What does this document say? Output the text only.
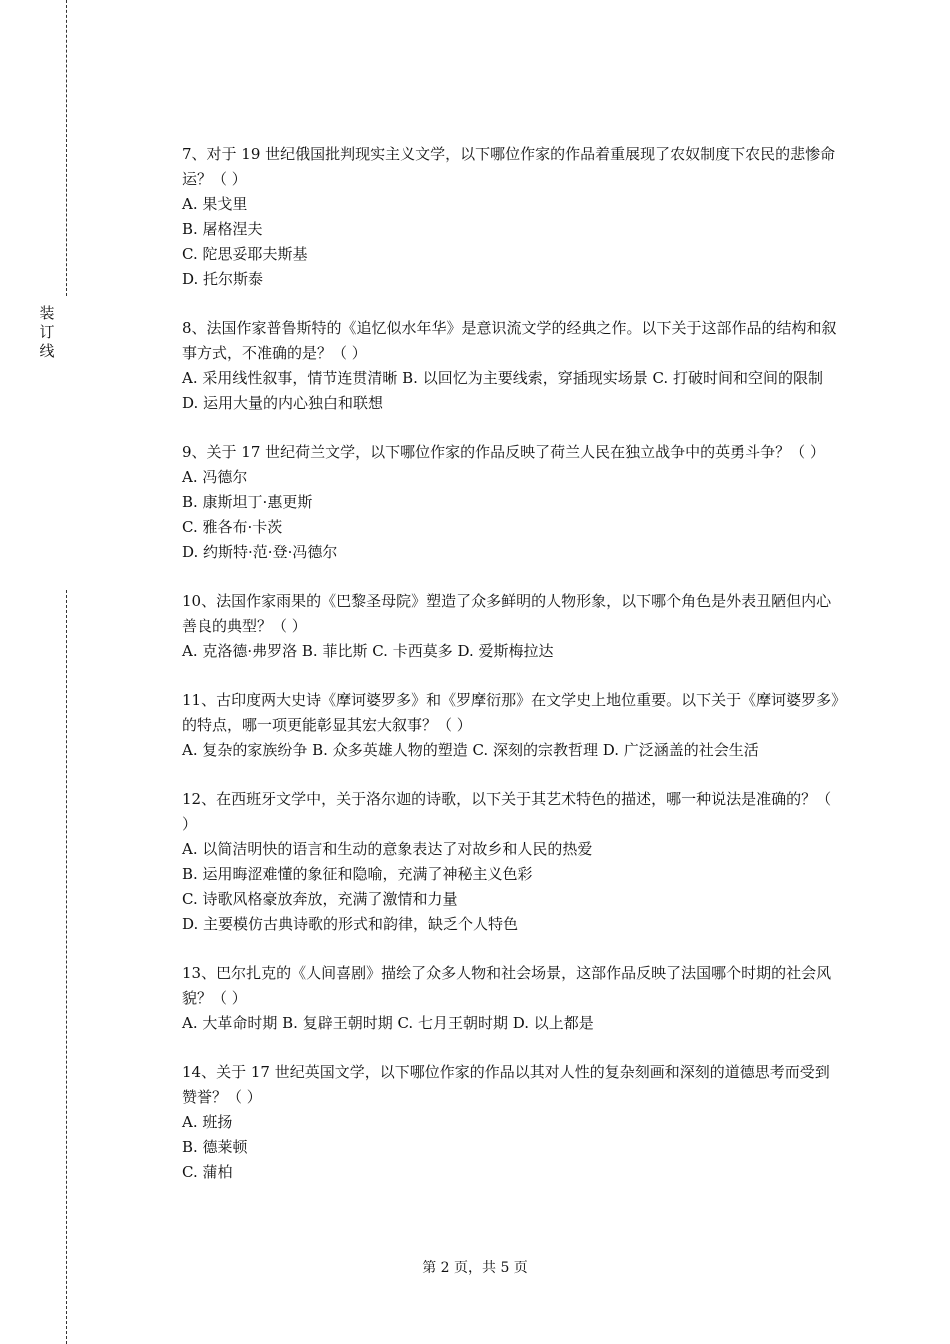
装
订
线

7、对于 19 世纪俄国批判现实主义文学，以下哪位作家的作品着重展现了农奴制度下农民的悲惨命运？（ ）

A. 果戈里

B. 屠格涅夫

C. 陀思妥耶夫斯基

D. 托尔斯泰

8、法国作家普鲁斯特的《追忆似水年华》是意识流文学的经典之作。以下关于这部作品的结构和叙事方式，不准确的是？（ ）

A. 采用线性叙事，情节连贯清晰 B. 以回忆为主要线索，穿插现实场景 C. 打破时间和空间的限制 D. 运用大量的内心独白和联想

9、关于 17 世纪荷兰文学，以下哪位作家的作品反映了荷兰人民在独立战争中的英勇斗争？（ ）

A. 冯德尔

B. 康斯坦丁·惠更斯

C. 雅各布·卡茨

D. 约斯特·范·登·冯德尔

10、法国作家雨果的《巴黎圣母院》塑造了众多鲜明的人物形象，以下哪个角色是外表丑陋但内心善良的典型？（ ）

A. 克洛德·弗罗洛 B. 菲比斯 C. 卡西莫多 D. 爱斯梅拉达

11、古印度两大史诗《摩诃婆罗多》和《罗摩衍那》在文学史上地位重要。以下关于《摩诃婆罗多》的特点，哪一项更能彰显其宏大叙事？（ ）

A. 复杂的家族纷争 B. 众多英雄人物的塑造 C. 深刻的宗教哲理 D. 广泛涵盖的社会生活

12、在西班牙文学中，关于洛尔迦的诗歌，以下关于其艺术特色的描述，哪一种说法是准确的？（ ）

A. 以简洁明快的语言和生动的意象表达了对故乡和人民的热爱

B. 运用晦涩难懂的象征和隐喻，充满了神秘主义色彩

C. 诗歌风格豪放奔放，充满了激情和力量

D. 主要模仿古典诗歌的形式和韵律，缺乏个人特色

13、巴尔扎克的《人间喜剧》描绘了众多人物和社会场景，这部作品反映了法国哪个时期的社会风貌？（ ）

A. 大革命时期 B. 复辟王朝时期 C. 七月王朝时期 D. 以上都是

14、关于 17 世纪英国文学，以下哪位作家的作品以其对人性的复杂刻画和深刻的道德思考而受到赞誉？（ ）

A. 班扬

B. 德莱顿

C. 蒲柏

第 2 页，共 5 页
